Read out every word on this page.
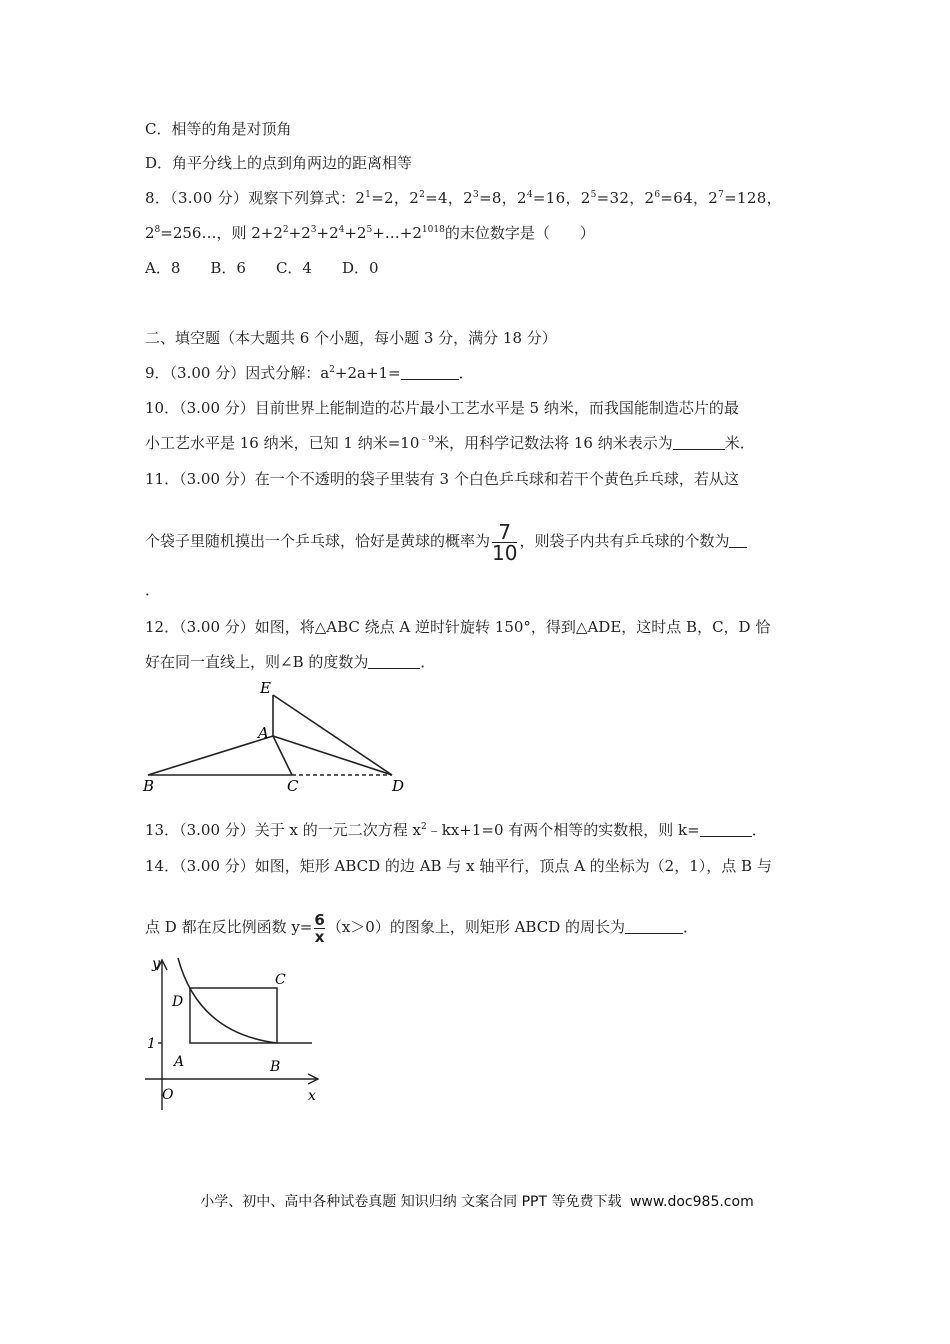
C．相等的角是对顶角
D．角平分线上的点到角两边的距离相等
8．（3.00 分）观察下列算式：$2^1=2$，$2^2=4$，$2^3=8$，$2^4=16$，$2^5=32$，$2^6=64$，$2^7=128$，
$2^8=256\dots$，则 $2+2^2+2^3+2^4+2^5+\dots+2^{1018}$的末位数字是（　　）
A．8　　B．6　　C．4　　D．0
二、填空题（本大题共 6 个小题，每小题 3 分，满分 18 分）
9．（3.00 分）因式分解：$a^2+2a+1=$	．
10．（3.00 分）目前世界上能制造的芯片最小工艺水平是 5 纳米，而我国能制造芯片的最
小工艺水平是 16 纳米，已知 1 纳米$=10^{﹣9}$米，用科学记数法将 16 纳米表示为	米．
11．（3.00 分）在一个不透明的袋子里装有 3 个白色乒乓球和若干个黄色乒乓球，若从这
个袋子里随机摸出一个乒乓球，恰好是黄球的概率为 $\frac{7}{10}$ ，则袋子内共有乒乓球的个数为
．
12．（3.00 分）如图，将△ABC 绕点 A 逆时针旋转 150°，得到△ADE，这时点 B，C，D 恰
好在同一直线上，则∠B 的度数为	．
E
A
B	C	D
13．（3.00 分）关于 x 的一元二次方程 $x^2﹣kx+1=0$ 有两个相等的实数根，则 k=	．
14．（3.00 分）如图，矩形 ABCD 的边 AB 与 x 轴平行，顶点 A 的坐标为（2，1），点 B 与
点 D 都在反比例函数 $y= \frac{6}{x} (x>0)$的图象上，则矩形 ABCD 的周长为	．
y
x
O
1
A	B
C
D
小学、初中、高中各种试卷真题 知识归纳 文案合同 PPT 等免费下载 www.doc985.com
